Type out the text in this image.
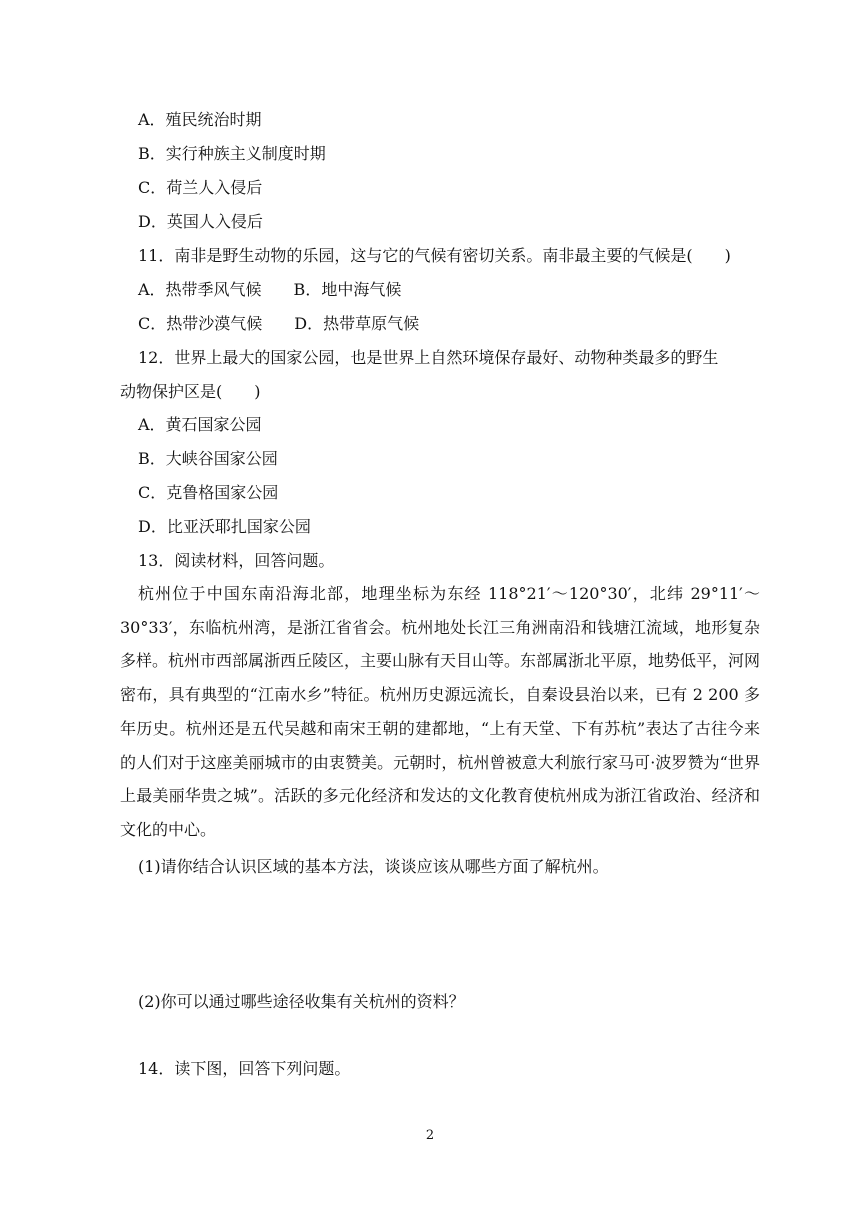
A．殖民统治时期
B．实行种族主义制度时期
C．荷兰人入侵后
D．英国人入侵后
11．南非是野生动物的乐园，这与它的气候有密切关系。南非最主要的气候是(　　)
A．热带季风气候　　B．地中海气候
C．热带沙漠气候　　D．热带草原气候
12．世界上最大的国家公园，也是世界上自然环境保存最好、动物种类最多的野生
动物保护区是(　　)
A．黄石国家公园
B．大峡谷国家公园
C．克鲁格国家公园
D．比亚沃耶扎国家公园
13．阅读材料，回答问题。
杭州位于中国东南沿海北部，地理坐标为东经 118°21′～120°30′，北纬 29°11′～30°33′，东临杭州湾，是浙江省省会。杭州地处长江三角洲南沿和钱塘江流域，地形复杂多样。杭州市西部属浙西丘陵区，主要山脉有天目山等。东部属浙北平原，地势低平，河网密布，具有典型的“江南水乡”特征。杭州历史源远流长，自秦设县治以来，已有 2 200 多年历史。杭州还是五代吴越和南宋王朝的建都地，“上有天堂、下有苏杭”表达了古往今来的人们对于这座美丽城市的由衷赞美。元朝时，杭州曾被意大利旅行家马可·波罗赞为“世界上最美丽华贵之城”。活跃的多元化经济和发达的文化教育使杭州成为浙江省政治、经济和文化的中心。
(1)请你结合认识区域的基本方法，谈谈应该从哪些方面了解杭州。
(2)你可以通过哪些途径收集有关杭州的资料？
14．读下图，回答下列问题。
2
